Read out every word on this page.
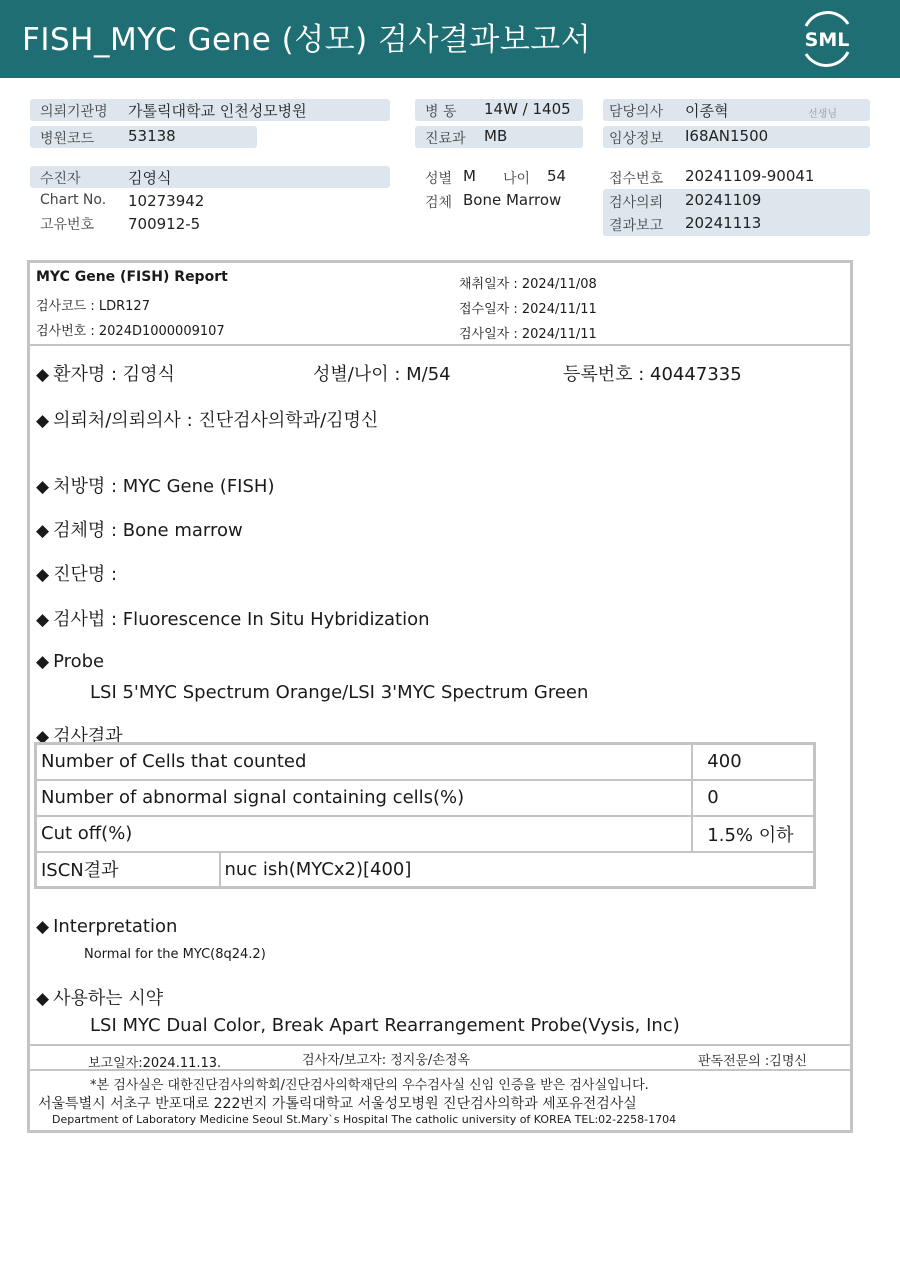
FISH_MYC Gene (성모) 검사결과보고서	SML
의뢰기관명 가톨릭대학교 인천성모병원
병원코드 53138
병 동 14W / 1405
진료과 MB
담당의사 이종혁	선생님
임상정보 I68AN1500
수진자	김영식
Chart No. 10273942
고유번호 700912-5
성별 M 나이 54
검체 Bone Marrow
접수번호 20241109-90041
검사의뢰 20241109
결과보고 20241113
MYC Gene (FISH) Report
검사코드 : LDR127
검사번호 : 2024D1000009107
채취일자 : 2024/11/08
접수일자 : 2024/11/11
검사일자 : 2024/11/11
◆ 환자명 : 김영식	성별/나이 : M/54	등록번호 : 40447335
◆ 의뢰처/의뢰의사 : 진단검사의학과/김명신
◆ 처방명 : MYC Gene (FISH)
◆ 검체명 : Bone marrow
◆ 진단명 :
◆ 검사법 : Fluorescence In Situ Hybridization
◆ Probe
LSI 5'MYC Spectrum Orange/LSI 3'MYC Spectrum Green
◆ 검사결과
Number of Cells that counted		400
Number of abnormal signal containing cells(%)		0
Cut off(%)		1.5% 이하
ISCN결과	nuc ish(MYCx2)[400]	
◆ Interpretation
Normal for the MYC(8q24.2)
◆ 사용하는 시약
LSI MYC Dual Color, Break Apart Rearrangement Probe(Vysis, Inc)
보고일자:2024.11.13.	검사자/보고자: 정지웅/손정옥	판독전문의 :김명신
*본 검사실은 대한진단검사의학회/진단검사의학재단의 우수검사실 신임 인증을 받은 검사실입니다.
서울특별시 서초구 반포대로 222번지 가톨릭대학교 서울성모병원 진단검사의학과 세포유전검사실
Department of Laboratory Medicine Seoul St.Mary`s Hospital The catholic university of KOREA TEL:02-2258-1704
